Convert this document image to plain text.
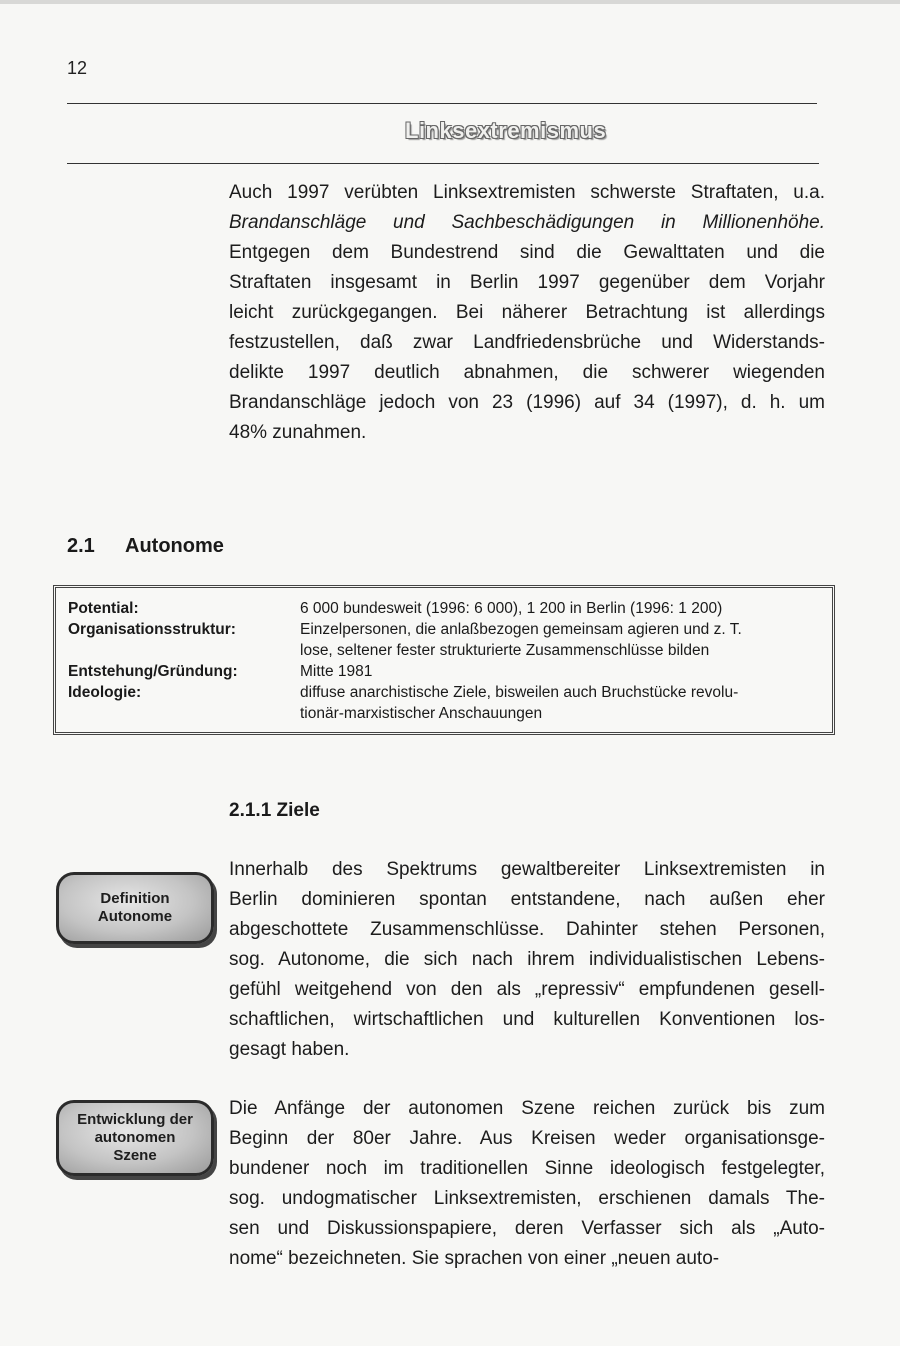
12
Linksextremismus
Auch 1997 verübten Linksextremisten schwerste Straftaten, u.a.
Brandanschläge und Sachbeschädigungen in Millionenhöhe.
Entgegen dem Bundestrend sind die Gewalttaten und die
Straftaten insgesamt in Berlin 1997 gegenüber dem Vorjahr
leicht zurückgegangen. Bei näherer Betrachtung ist allerdings
festzustellen, daß zwar Landfriedensbrüche und Widerstands-
delikte 1997 deutlich abnahmen, die schwerer wiegenden
Brandanschläge jedoch von 23 (1996) auf 34 (1997), d. h. um
48% zunahmen.
2.1 Autonome
Potential:	6 000 bundesweit (1996: 6 000), 1 200 in Berlin (1996: 1 200)
Organisationsstruktur:	Einzelpersonen, die anlaßbezogen gemeinsam agieren und z. T.
lose, seltener fester strukturierte Zusammenschlüsse bilden
Entstehung/Gründung:	Mitte 1981
Ideologie:	diffuse anarchistische Ziele, bisweilen auch Bruchstücke revolu-
tionär-marxistischer Anschauungen
2.1.1 Ziele
Definition
Autonome
Innerhalb des Spektrums gewaltbereiter Linksextremisten in
Berlin dominieren spontan entstandene, nach außen eher
abgeschottete Zusammenschlüsse. Dahinter stehen Personen,
sog. Autonome, die sich nach ihrem individualistischen Lebens-
gefühl weitgehend von den als „repressiv“ empfundenen gesell-
schaftlichen, wirtschaftlichen und kulturellen Konventionen los-
gesagt haben.
Entwicklung der
autonomen
Szene
Die Anfänge der autonomen Szene reichen zurück bis zum
Beginn der 80er Jahre. Aus Kreisen weder organisationsge-
bundener noch im traditionellen Sinne ideologisch festgelegter,
sog. undogmatischer Linksextremisten, erschienen damals The-
sen und Diskussionspapiere, deren Verfasser sich als „Auto-
nome“ bezeichneten. Sie sprachen von einer „neuen auto-
